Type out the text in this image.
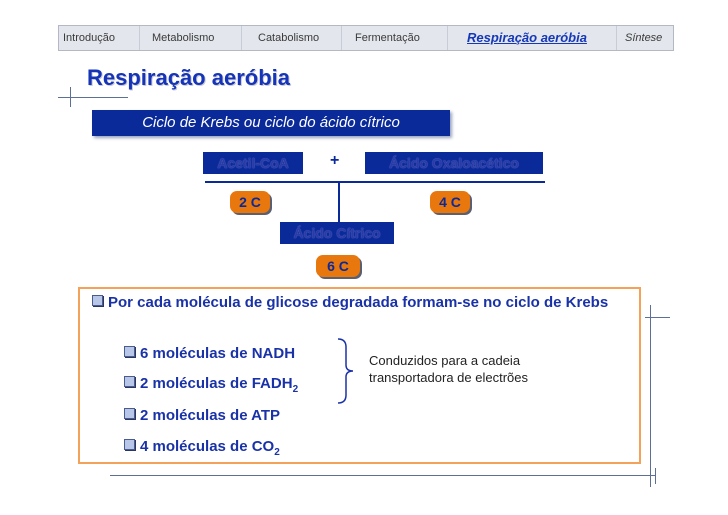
Introdução	Metabolismo	Catabolismo	Fermentação	Respiração aeróbia	Síntese
Respiração aeróbia
Ciclo de Krebs ou ciclo do ácido cítrico
Acetil-CoA	+	Ácido Oxaloacético
2 C	4 C
Ácido Cítrico
6 C
Por cada molécula de glicose degradada formam-se no ciclo de Krebs
6 moléculas de NADH
2 moléculas de $FADH_2$
2 moléculas de ATP
4 moléculas de $CO_2$
Conduzidos para a cadeia transportadora de electrões
